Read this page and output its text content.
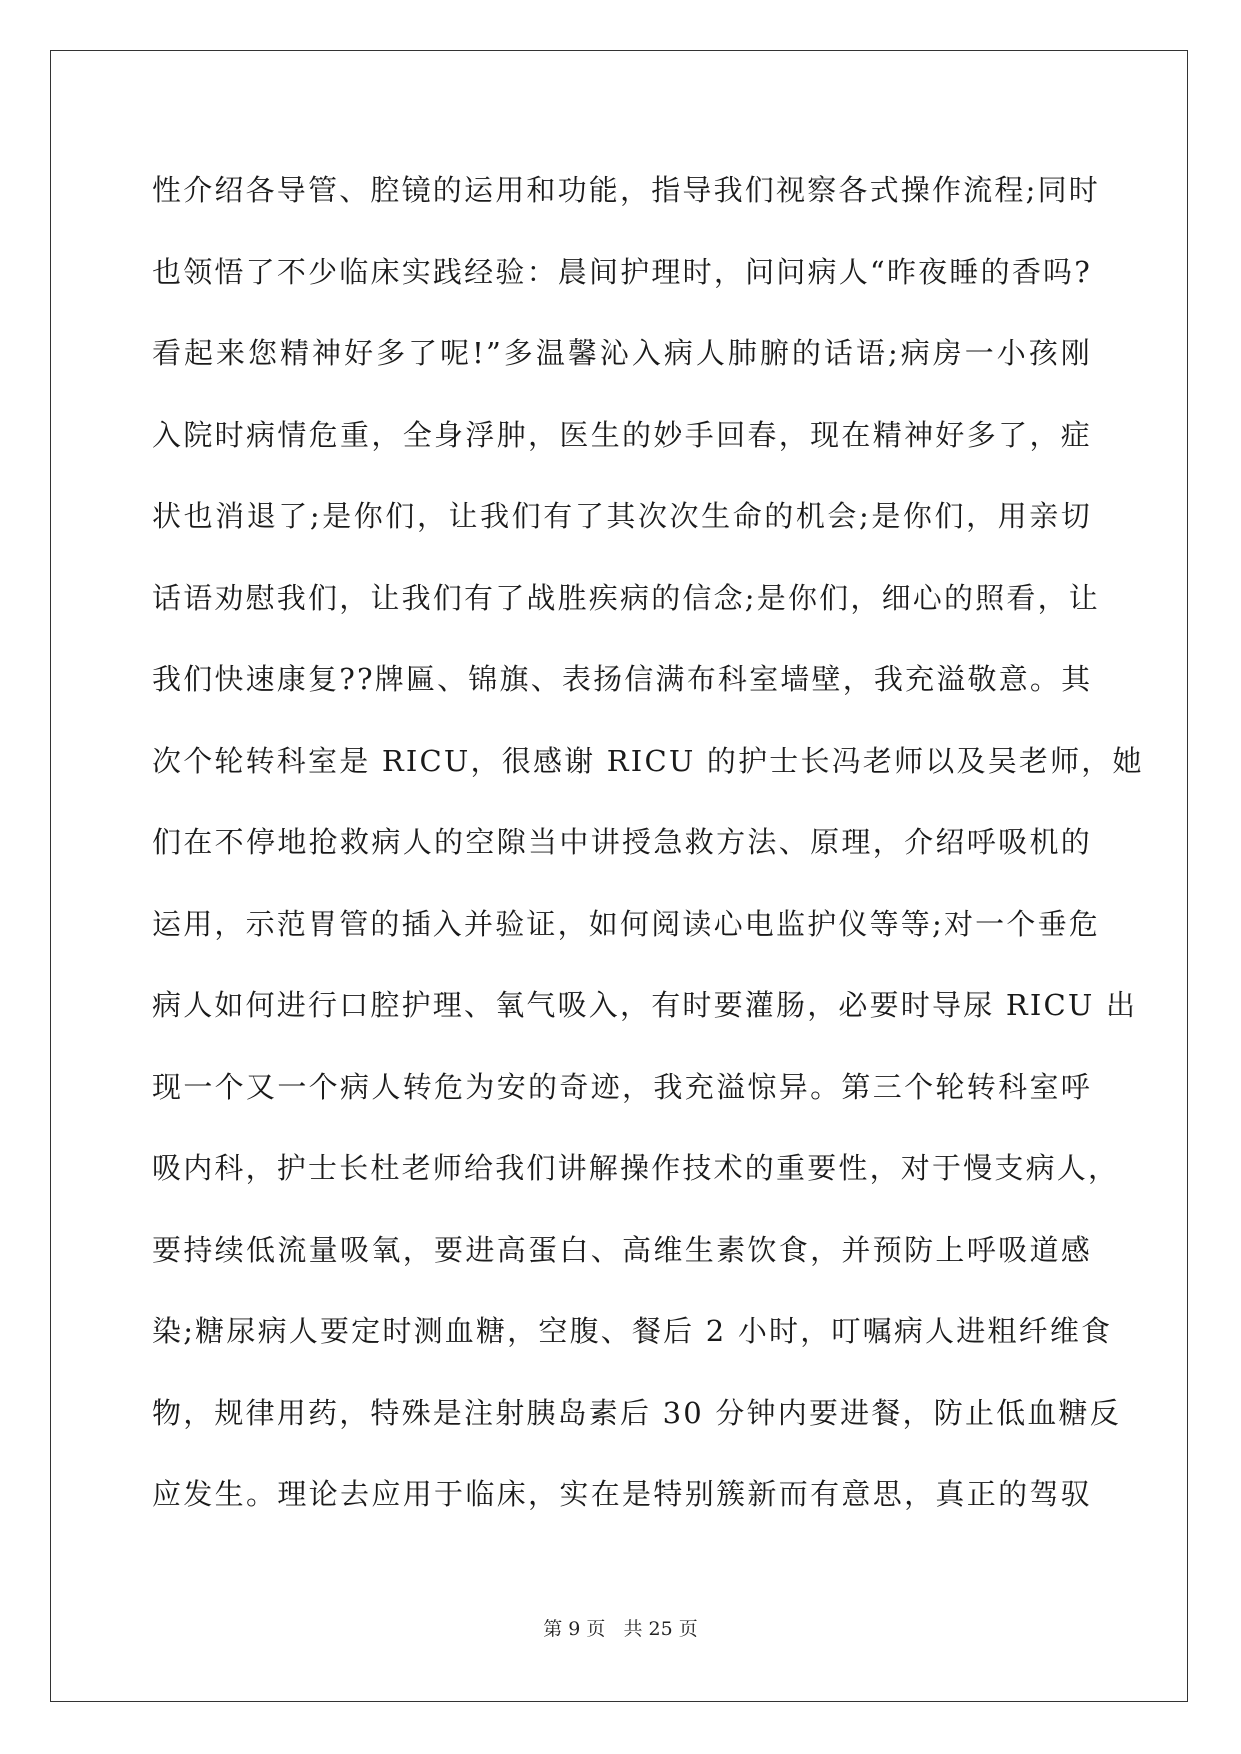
性介绍各导管、腔镜的运用和功能，指导我们视察各式操作流程;同时
也领悟了不少临床实践经验：晨间护理时，问问病人“昨夜睡的香吗?
看起来您精神好多了呢!”多温馨沁入病人肺腑的话语;病房一小孩刚
入院时病情危重，全身浮肿，医生的妙手回春，现在精神好多了，症
状也消退了;是你们，让我们有了其次次生命的机会;是你们，用亲切
话语劝慰我们，让我们有了战胜疾病的信念;是你们，细心的照看，让
我们快速康复??牌匾、锦旗、表扬信满布科室墙壁，我充溢敬意。其
次个轮转科室是 RICU，很感谢 RICU 的护士长冯老师以及吴老师，她
们在不停地抢救病人的空隙当中讲授急救方法、原理，介绍呼吸机的
运用，示范胃管的插入并验证，如何阅读心电监护仪等等;对一个垂危
病人如何进行口腔护理、氧气吸入，有时要灌肠，必要时导尿 RICU 出
现一个又一个病人转危为安的奇迹，我充溢惊异。第三个轮转科室呼
吸内科，护士长杜老师给我们讲解操作技术的重要性，对于慢支病人，
要持续低流量吸氧，要进高蛋白、高维生素饮食，并预防上呼吸道感
染;糖尿病人要定时测血糖，空腹、餐后 2 小时，叮嘱病人进粗纤维食
物，规律用药，特殊是注射胰岛素后 30 分钟内要进餐，防止低血糖反
应发生。理论去应用于临床，实在是特别簇新而有意思，真正的驾驭
第 9 页 共 25 页
